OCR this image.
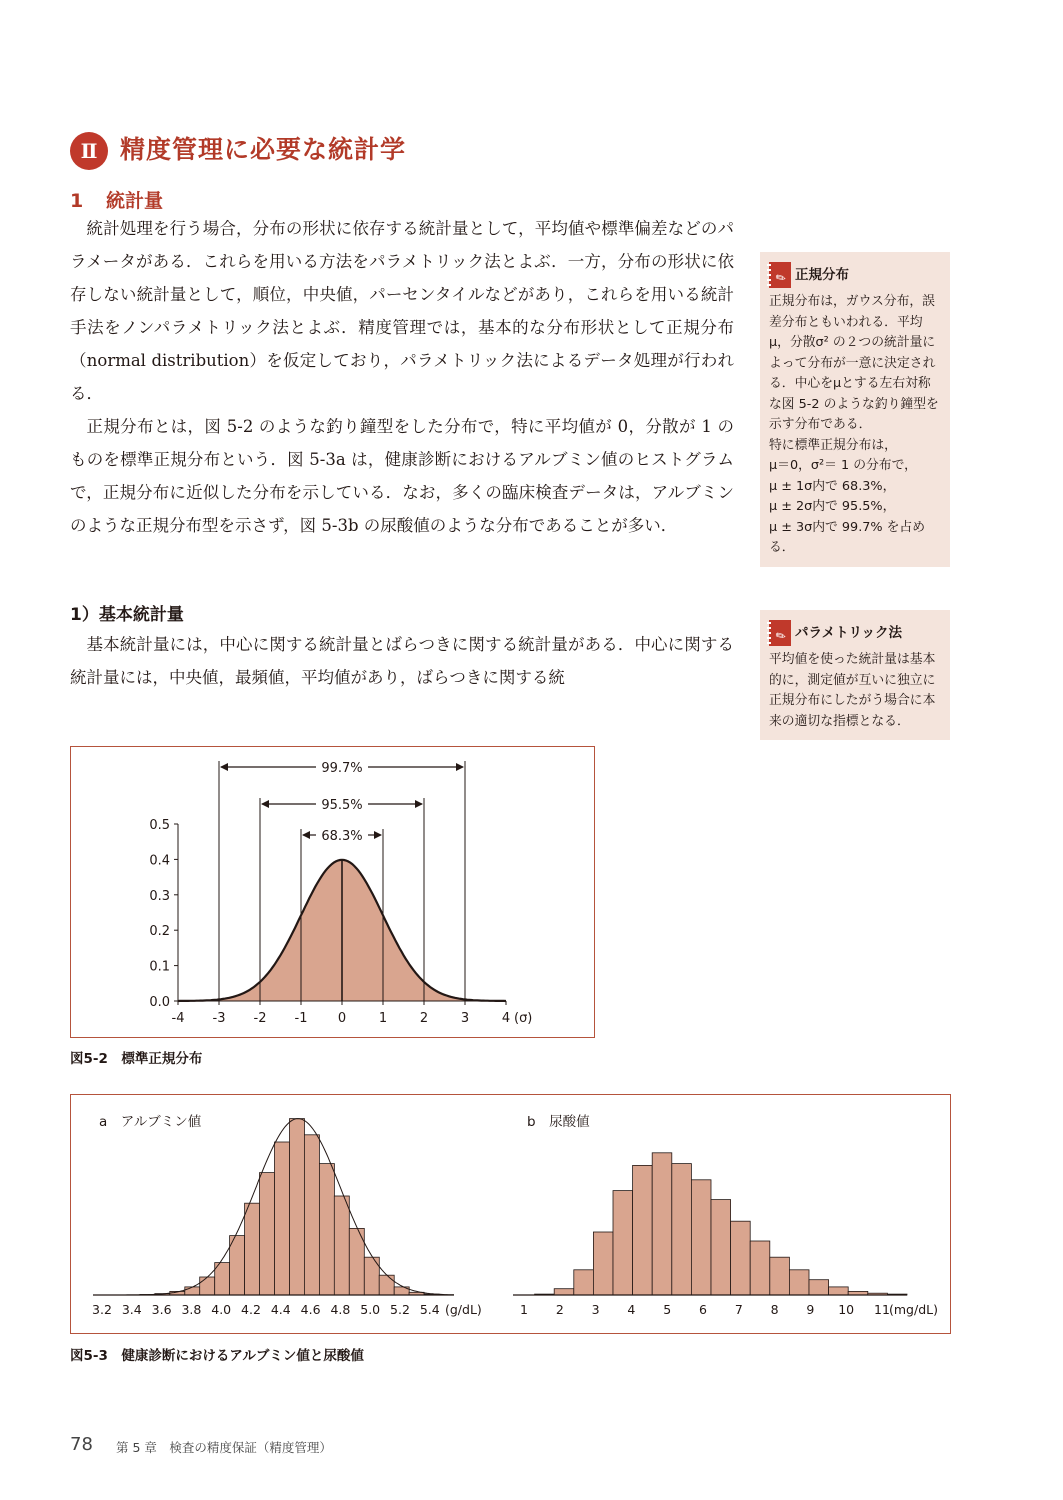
Ⅱ 精度管理に必要な統計学
1 統計量

統計処理を行う場合，分布の形状に依存する統計量として，平均値や標準偏差などのパラメータがある．これらを用いる方法をパラメトリック法とよぶ．一方，分布の形状に依存しない統計量として，順位，中央値，パーセンタイルなどがあり，これらを用いる統計手法をノンパラメトリック法とよぶ．精度管理では，基本的な分布形状として正規分布（normal distribution）を仮定しており，パラメトリック法によるデータ処理が行われる．

正規分布とは，図 5-2 のような釣り鐘型をした分布で，特に平均値が 0，分散が 1 のものを標準正規分布という．図 5-3a は，健康診断におけるアルブミン値のヒストグラムで，正規分布に近似した分布を示している．なお，多くの臨床検査データは，アルブミンのような正規分布型を示さず，図 5-3b の尿酸値のような分布であることが多い．

1）基本統計量

基本統計量には，中心に関する統計量とばらつきに関する統計量がある．中心に関する統計量には，中央値，最頻値，平均値があり，ばらつきに関する統

✎ 正規分布
正規分布は，ガウス分布，誤差分布ともいわれる．平均μ，分散σ² の２つの統計量によって分布が一意に決定される．中心をμとする左右対称な図 5-2 のような釣り鐘型を示す分布である．
特に標準正規分布は，
μ＝0，σ²＝ 1 の分布で，
μ ± 1σ内で 68.3%，
μ ± 2σ内で 95.5%，
μ ± 3σ内で 99.7% を占める．
✎ パラメトリック法
平均値を使った統計量は基本的に，測定値が互いに独立に正規分布にしたがう場合に本来の適切な指標となる．
0.0
0.1
0.2
0.3
0.4
0.5
-4 -3 -2 -1 0	1	2	3	4 (σ)
99.7%
95.5%
68.3%
図5-2　標準正規分布
a　アルブミン値
3.2 3.4 3.6 3.8 4.0 4.2 4.4 4.6 4.8 5.0 5.2 5.4 (g/dL)
b　尿酸値
1 2 3 4 5 6 7 8 9 10 11 (mg/dL)
図5-3　健康診断におけるアルブミン値と尿酸値
78 第 5 章　検査の精度保証（精度管理）
